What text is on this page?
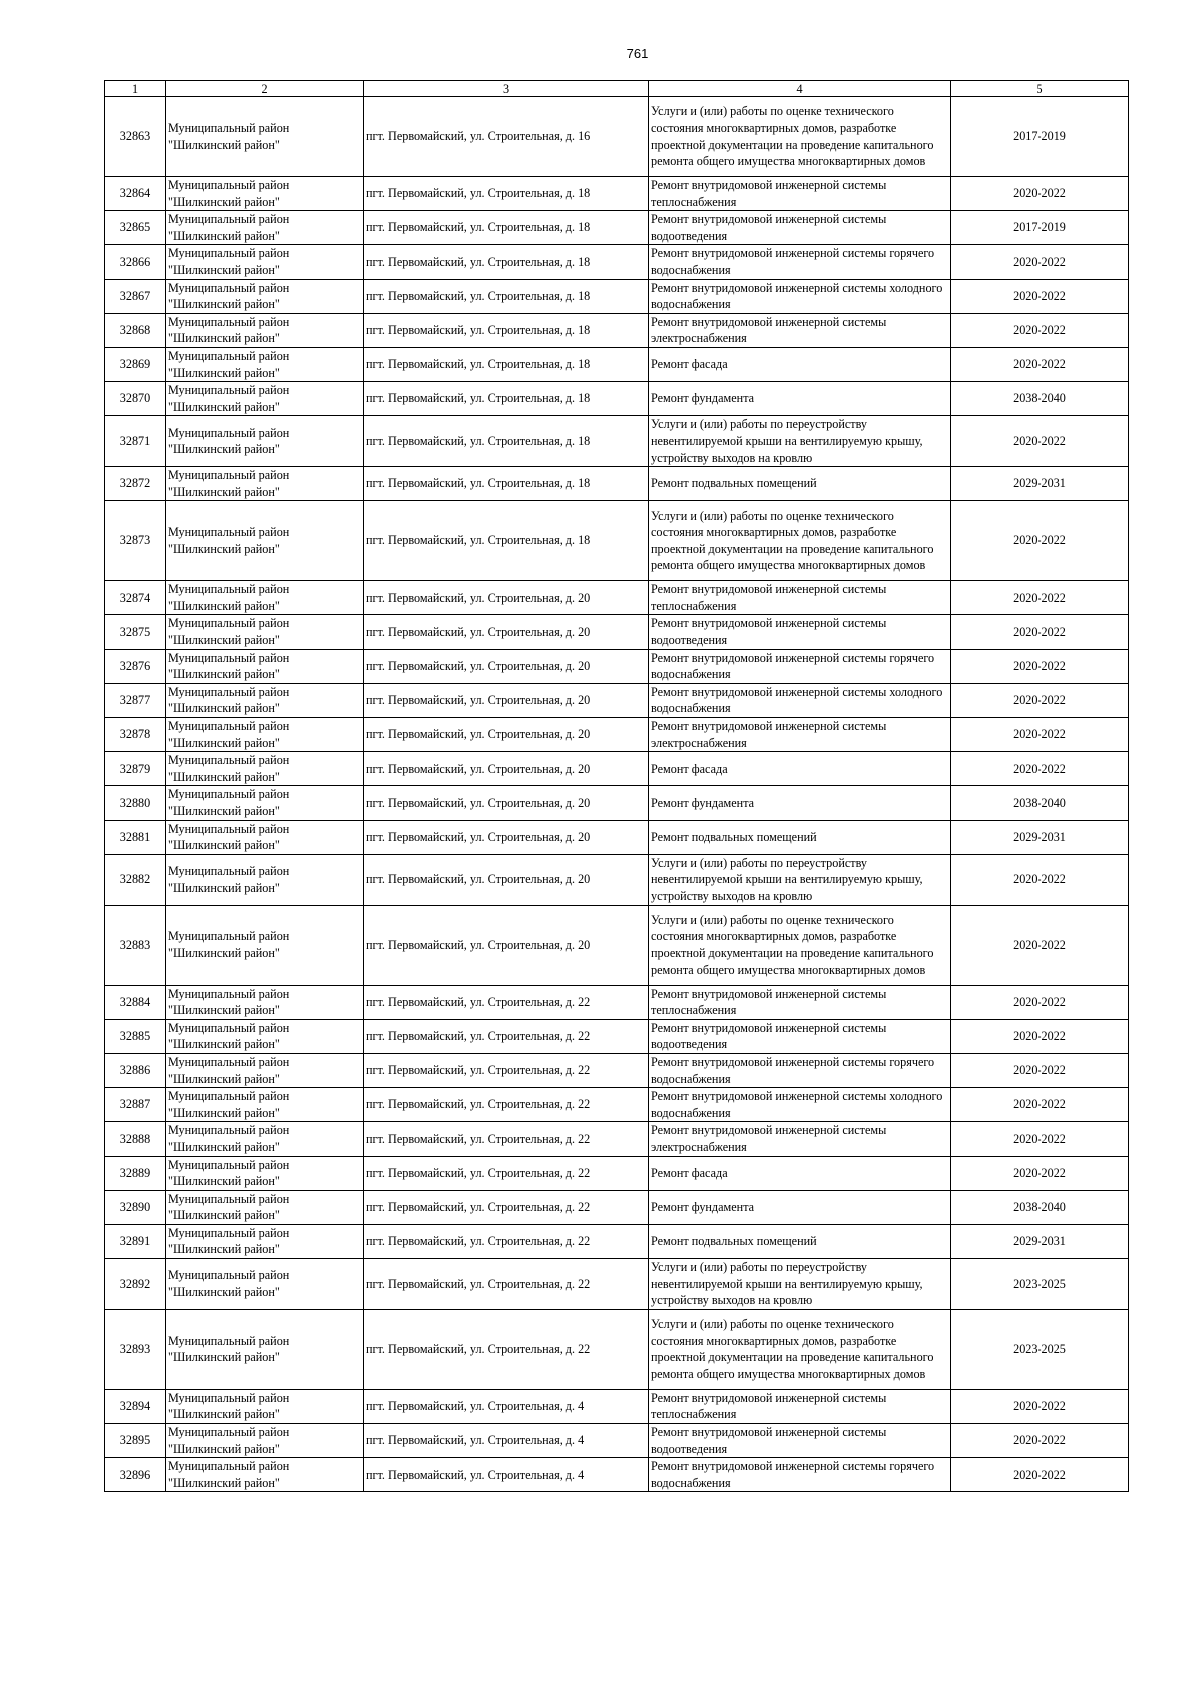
761
1	2	3	4	5
32863	Муниципальный район "Шилкинский район"	пгт. Первомайский, ул. Строительная, д. 16	Услуги и (или) работы по оценке технического состояния многоквартирных домов, разработке проектной документации на проведение капитального ремонта общего имущества многоквартирных домов	2017-2019
32864	Муниципальный район "Шилкинский район"	пгт. Первомайский, ул. Строительная, д. 18	Ремонт внутридомовой инженерной системы теплоснабжения	2020-2022
32865	Муниципальный район "Шилкинский район"	пгт. Первомайский, ул. Строительная, д. 18	Ремонт внутридомовой инженерной системы водоотведения	2017-2019
32866	Муниципальный район "Шилкинский район"	пгт. Первомайский, ул. Строительная, д. 18	Ремонт внутридомовой инженерной системы горячего водоснабжения	2020-2022
32867	Муниципальный район "Шилкинский район"	пгт. Первомайский, ул. Строительная, д. 18	Ремонт внутридомовой инженерной системы холодного водоснабжения	2020-2022
32868	Муниципальный район "Шилкинский район"	пгт. Первомайский, ул. Строительная, д. 18	Ремонт внутридомовой инженерной системы электроснабжения	2020-2022
32869	Муниципальный район "Шилкинский район"	пгт. Первомайский, ул. Строительная, д. 18	Ремонт фасада	2020-2022
32870	Муниципальный район "Шилкинский район"	пгт. Первомайский, ул. Строительная, д. 18	Ремонт фундамента	2038-2040
32871	Муниципальный район "Шилкинский район"	пгт. Первомайский, ул. Строительная, д. 18	Услуги и (или) работы по переустройству невентилируемой крыши на вентилируемую крышу, устройству выходов на кровлю	2020-2022
32872	Муниципальный район "Шилкинский район"	пгт. Первомайский, ул. Строительная, д. 18	Ремонт подвальных помещений	2029-2031
32873	Муниципальный район "Шилкинский район"	пгт. Первомайский, ул. Строительная, д. 18	Услуги и (или) работы по оценке технического состояния многоквартирных домов, разработке проектной документации на проведение капитального ремонта общего имущества многоквартирных домов	2020-2022
32874	Муниципальный район "Шилкинский район"	пгт. Первомайский, ул. Строительная, д. 20	Ремонт внутридомовой инженерной системы теплоснабжения	2020-2022
32875	Муниципальный район "Шилкинский район"	пгт. Первомайский, ул. Строительная, д. 20	Ремонт внутридомовой инженерной системы водоотведения	2020-2022
32876	Муниципальный район "Шилкинский район"	пгт. Первомайский, ул. Строительная, д. 20	Ремонт внутридомовой инженерной системы горячего водоснабжения	2020-2022
32877	Муниципальный район "Шилкинский район"	пгт. Первомайский, ул. Строительная, д. 20	Ремонт внутридомовой инженерной системы холодного водоснабжения	2020-2022
32878	Муниципальный район "Шилкинский район"	пгт. Первомайский, ул. Строительная, д. 20	Ремонт внутридомовой инженерной системы электроснабжения	2020-2022
32879	Муниципальный район "Шилкинский район"	пгт. Первомайский, ул. Строительная, д. 20	Ремонт фасада	2020-2022
32880	Муниципальный район "Шилкинский район"	пгт. Первомайский, ул. Строительная, д. 20	Ремонт фундамента	2038-2040
32881	Муниципальный район "Шилкинский район"	пгт. Первомайский, ул. Строительная, д. 20	Ремонт подвальных помещений	2029-2031
32882	Муниципальный район "Шилкинский район"	пгт. Первомайский, ул. Строительная, д. 20	Услуги и (или) работы по переустройству невентилируемой крыши на вентилируемую крышу, устройству выходов на кровлю	2020-2022
32883	Муниципальный район "Шилкинский район"	пгт. Первомайский, ул. Строительная, д. 20	Услуги и (или) работы по оценке технического состояния многоквартирных домов, разработке проектной документации на проведение капитального ремонта общего имущества многоквартирных домов	2020-2022
32884	Муниципальный район "Шилкинский район"	пгт. Первомайский, ул. Строительная, д. 22	Ремонт внутридомовой инженерной системы теплоснабжения	2020-2022
32885	Муниципальный район "Шилкинский район"	пгт. Первомайский, ул. Строительная, д. 22	Ремонт внутридомовой инженерной системы водоотведения	2020-2022
32886	Муниципальный район "Шилкинский район"	пгт. Первомайский, ул. Строительная, д. 22	Ремонт внутридомовой инженерной системы горячего водоснабжения	2020-2022
32887	Муниципальный район "Шилкинский район"	пгт. Первомайский, ул. Строительная, д. 22	Ремонт внутридомовой инженерной системы холодного водоснабжения	2020-2022
32888	Муниципальный район "Шилкинский район"	пгт. Первомайский, ул. Строительная, д. 22	Ремонт внутридомовой инженерной системы электроснабжения	2020-2022
32889	Муниципальный район "Шилкинский район"	пгт. Первомайский, ул. Строительная, д. 22	Ремонт фасада	2020-2022
32890	Муниципальный район "Шилкинский район"	пгт. Первомайский, ул. Строительная, д. 22	Ремонт фундамента	2038-2040
32891	Муниципальный район "Шилкинский район"	пгт. Первомайский, ул. Строительная, д. 22	Ремонт подвальных помещений	2029-2031
32892	Муниципальный район "Шилкинский район"	пгт. Первомайский, ул. Строительная, д. 22	Услуги и (или) работы по переустройству невентилируемой крыши на вентилируемую крышу, устройству выходов на кровлю	2023-2025
32893	Муниципальный район "Шилкинский район"	пгт. Первомайский, ул. Строительная, д. 22	Услуги и (или) работы по оценке технического состояния многоквартирных домов, разработке проектной документации на проведение капитального ремонта общего имущества многоквартирных домов	2023-2025
32894	Муниципальный район "Шилкинский район"	пгт. Первомайский, ул. Строительная, д. 4	Ремонт внутридомовой инженерной системы теплоснабжения	2020-2022
32895	Муниципальный район "Шилкинский район"	пгт. Первомайский, ул. Строительная, д. 4	Ремонт внутридомовой инженерной системы водоотведения	2020-2022
32896	Муниципальный район "Шилкинский район"	пгт. Первомайский, ул. Строительная, д. 4	Ремонт внутридомовой инженерной системы горячего водоснабжения	2020-2022
